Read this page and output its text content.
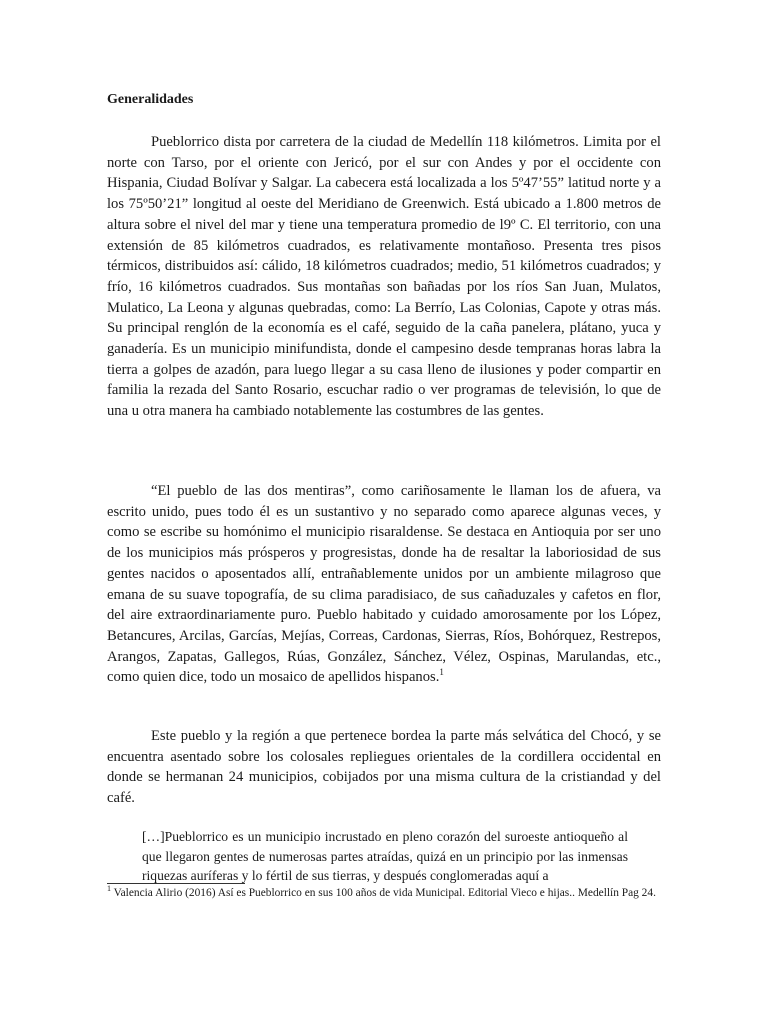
Generalidades

Pueblorrico dista por carretera de la ciudad de Medellín 118 kilómetros. Limita por el norte con Tarso, por el oriente con Jericó, por el sur con Andes y por el occidente con Hispania, Ciudad Bolívar y Salgar. La cabecera está localizada a los 5º47’55” latitud norte y a los 75º50’21” longitud al oeste del Meridiano de Greenwich. Está ubicado a 1.800 metros de altura sobre el nivel del mar y tiene una temperatura promedio de l9º C. El territorio, con una extensión de 85 kilómetros cuadrados, es relativamente montañoso. Presenta tres pisos térmicos, distribuidos así: cálido, 18 kilómetros cuadrados; medio, 51 kilómetros cuadrados; y frío, 16 kilómetros cuadrados. Sus montañas son bañadas por los ríos San Juan, Mulatos, Mulatico, La Leona y algunas quebradas, como: La Berrío, Las Colonias, Capote y otras más. Su principal renglón de la economía es el café, seguido de la caña panelera, plátano, yuca y ganadería. Es un municipio minifundista, donde el campesino desde tempranas horas labra la tierra a golpes de azadón, para luego llegar a su casa lleno de ilusiones y poder compartir en familia la rezada del Santo Rosario, escuchar radio o ver programas de televisión, lo que de una u otra manera ha cambiado notablemente las costumbres de las gentes.

“El pueblo de las dos mentiras”, como cariñosamente le llaman los de afuera, va escrito unido, pues todo él es un sustantivo y no separado como aparece algunas veces, y como se escribe su homónimo el municipio risaraldense. Se destaca en Antioquia por ser uno de los municipios más prósperos y progresistas, donde ha de resaltar la laboriosidad de sus gentes nacidos o aposentados allí, entrañablemente unidos por un ambiente milagroso que emana de su suave topografía, de su clima paradisiaco, de sus cañaduzales y cafetos en flor, del aire extraordinariamente puro. Pueblo habitado y cuidado amorosamente por los López, Betancures, Arcilas, Garcías, Mejías, Correas, Cardonas, Sierras, Ríos, Bohórquez, Restrepos, Arangos, Zapatas, Gallegos, Rúas, González, Sánchez, Vélez, Ospinas, Marulandas, etc., como quien dice, todo un mosaico de apellidos hispanos.$^1$

Este pueblo y la región a que pertenece bordea la parte más selvática del Chocó, y se encuentra asentado sobre los colosales repliegues orientales de la cordillera occidental en donde se hermanan 24 municipios, cobijados por una misma cultura de la cristiandad y del café.

[…]Pueblorrico es un municipio incrustado en pleno corazón del suroeste antioqueño al que llegaron gentes de numerosas partes atraídas, quizá en un principio por las inmensas riquezas auríferas y lo fértil de sus tierras, y después conglomeradas aquí a

$^1$ Valencia Alirio (2016) Así es Pueblorrico en sus 100 años de vida Municipal. Editorial Vieco e hijas.. Medellín Pag 24.
